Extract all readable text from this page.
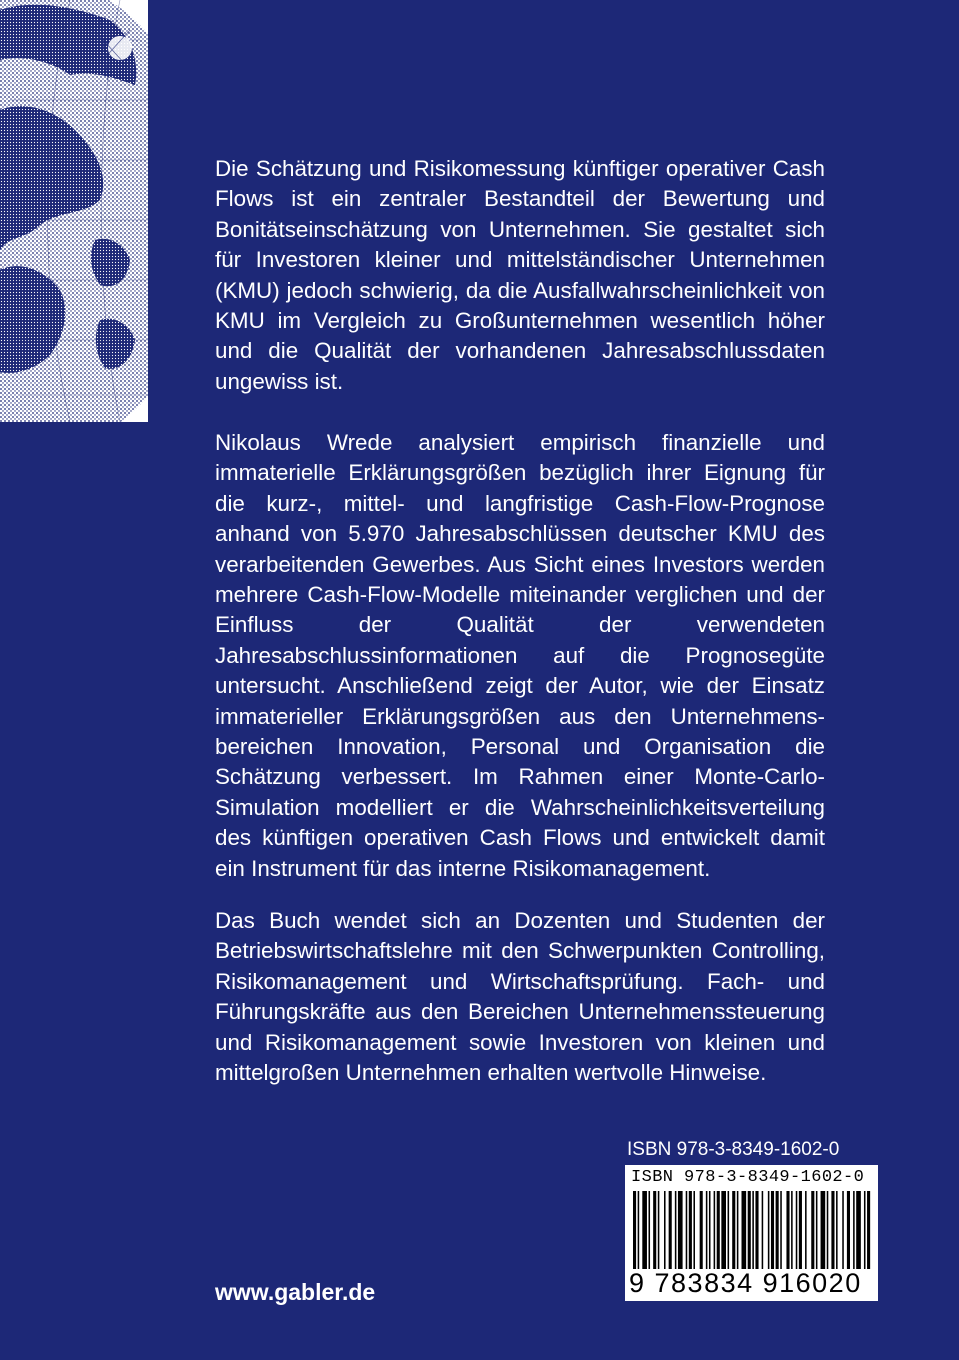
Die Schätzung und Risikomessung künftiger operativer Cash Flows ist ein zentraler Bestandteil der Bewertung und Bonitätseinschätzung von Unternehmen. Sie gestaltet sich für Investoren kleiner und mittelständischer Unternehmen (KMU) jedoch schwierig, da die Ausfallwahrscheinlichkeit von KMU im Vergleich zu Großunternehmen wesentlich höher und die Qualität der vorhandenen Jahresabschlussdaten ungewiss ist.

Nikolaus Wrede analysiert empirisch finanzielle und immaterielle Erklärungsgrößen bezüglich ihrer Eignung für die kurz-, mittel- und langfristige Cash-Flow-Prognose anhand von 5.970 Jahresabschlüssen deutscher KMU des verarbeitenden Gewerbes. Aus Sicht eines Investors werden mehrere Cash-Flow-Modelle miteinander verglichen und der Einfluss der Qualität der verwendeten Jahresabschlussinformationen auf die Prognosegüte untersucht. Anschließend zeigt der Autor, wie der Einsatz immaterieller Erklärungsgrößen aus den Unternehmensbereichen Innovation, Personal und Organisation die Schätzung verbessert. Im Rahmen einer Monte-Carlo-Simulation modelliert er die Wahrscheinlichkeitsverteilung des künftigen operativen Cash Flows und entwickelt damit ein Instrument für das interne Risikomanagement.

Das Buch wendet sich an Dozenten und Studenten der Betriebswirtschaftslehre mit den Schwerpunkten Controlling, Risikomanagement und Wirtschaftsprüfung. Fach- und Führungskräfte aus den Bereichen Unternehmenssteuerung und Risikomanagement sowie Investoren von kleinen und mittelgroßen Unternehmen erhalten wertvolle Hinweise.

ISBN 978-3-8349-1602-0
ISBN 978-3-8349-1602-0
9 783834 916020
www.gabler.de
